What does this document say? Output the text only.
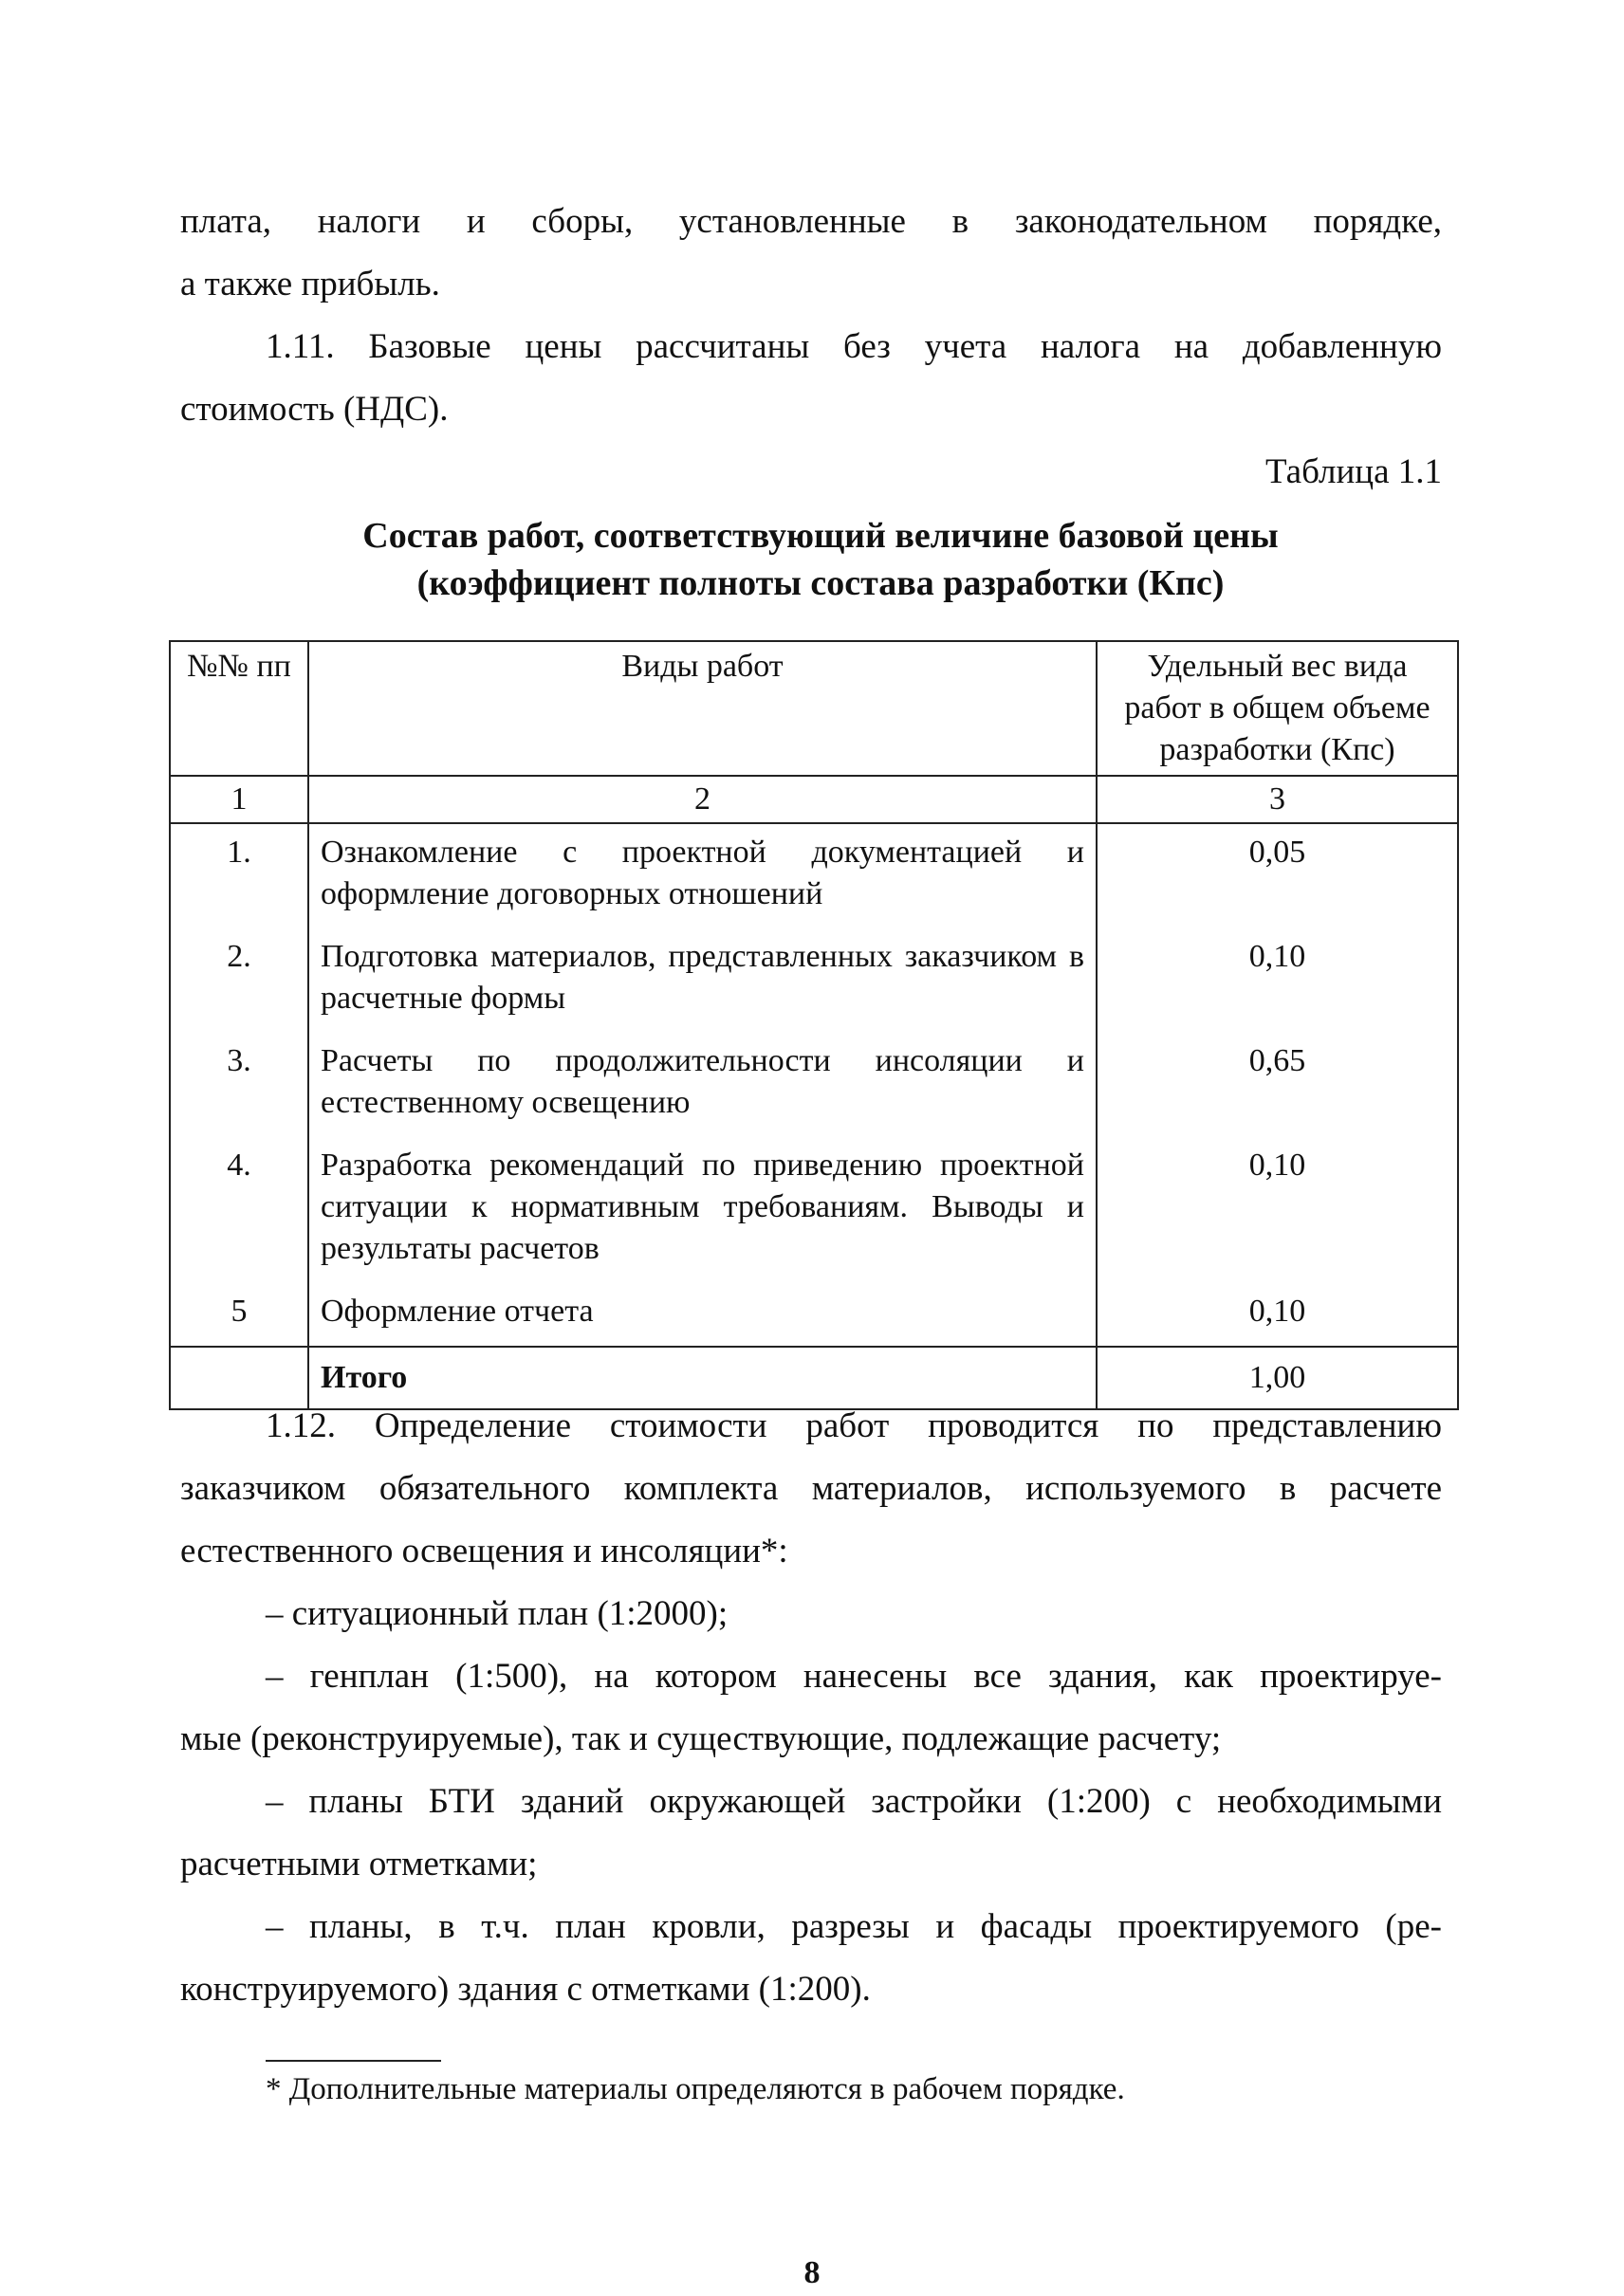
плата, налоги и сборы, установленные в законодательном порядке,

а также прибыль.

1.11. Базовые цены рассчитаны без учета налога на добавленную

стоимость (НДС).

Таблица 1.1

Состав работ, соответствующий величине базовой цены
(коэффициент полноты состава разработки (Кпс)
№№ пп	Виды работ	Удельный вес вида работ в общем объеме разработки (Кпс)
1	2	3
1.	Ознакомление с проектной документацией и оформление договорных отношений	0,05
2.	Подготовка материалов, представленных заказчиком в расчетные формы	0,10
3.	Расчеты по продолжительности инсоляции и естественному освещению	0,65
4.	Разработка рекомендаций по приведению проектной ситуации к нормативным требованиям. Выводы и результаты расчетов	0,10
5	Оформление отчета	0,10
	Итого	1,00

1.12. Определение стоимости работ проводится по представлению

заказчиком обязательного комплекта материалов, используемого в расчете

естественного освещения и инсоляции*:

– ситуационный план (1:2000);

– генплан (1:500), на котором нанесены все здания, как проектируе-

мые (реконструируемые), так и существующие, подлежащие расчету;

– планы БТИ зданий окружающей застройки (1:200) с необходимыми

расчетными отметками;

– планы, в т.ч. план кровли, разрезы и фасады проектируемого (ре-

конструируемого) здания с отметками (1:200).

* Дополнительные материалы определяются в рабочем порядке.
8
